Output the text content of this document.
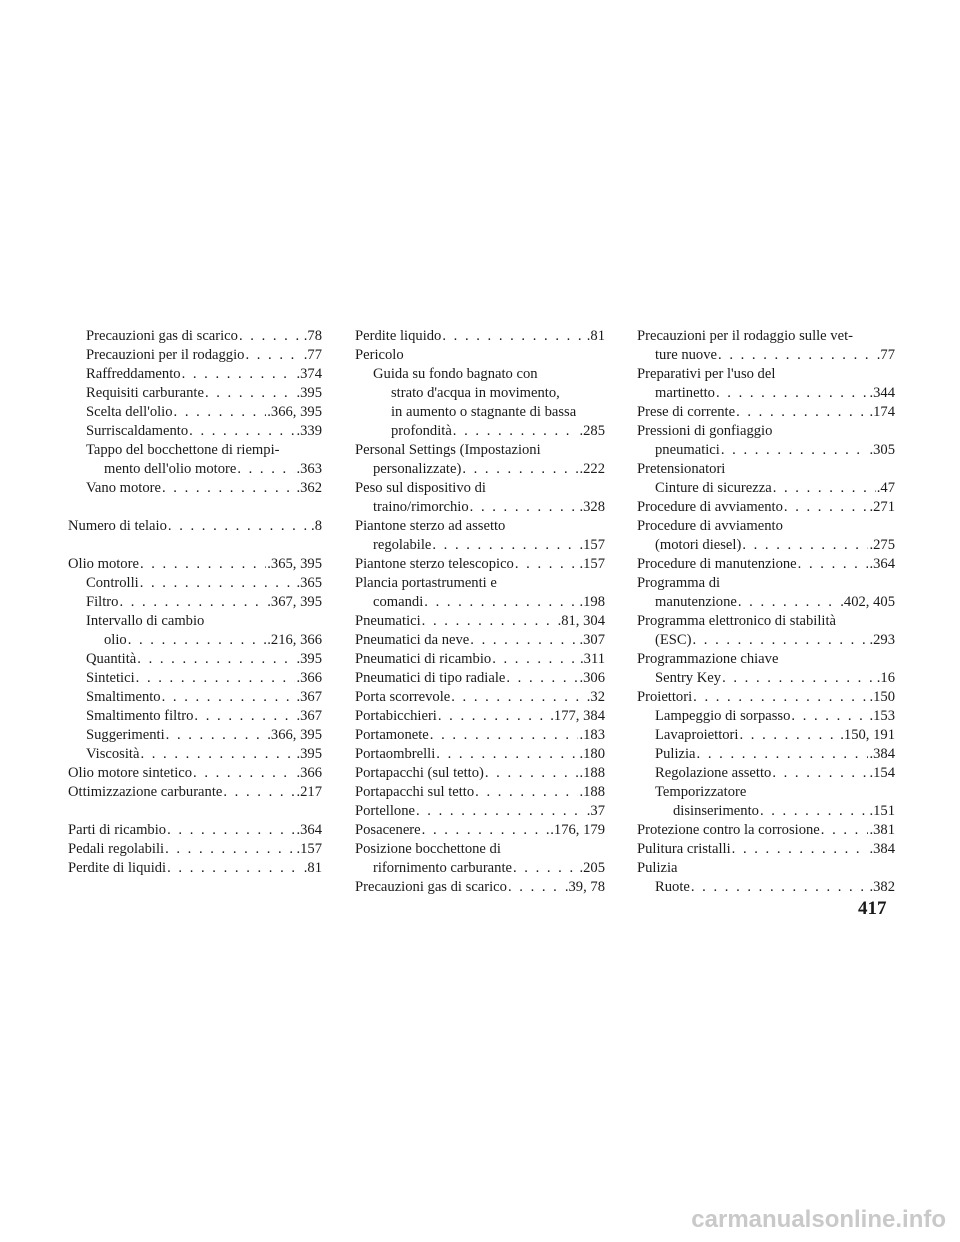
Precauzioni gas di scarico . . .	.78
Precauzioni per il rodaggio . . .	.77
Raffreddamento . . .	.374
Requisiti carburante . . .	.395
Scelta dell'olio . . .	.366, 395
Surriscaldamento . . .	.339
Tappo del bocchettone di riempi-
mento dell'olio motore . . .	.363
Vano motore . . .	.362
Numero di telaio . . .	.8
Olio motore . . .	.365, 395
Controlli . . .	.365
Filtro . . .	.367, 395
Intervallo di cambio
olio . . .	.216, 366
Quantità . . .	.395
Sintetici . . .	.366
Smaltimento . . .	.367
Smaltimento filtro . . .	.367
Suggerimenti . . .	.366, 395
Viscosità . . .	.395
Olio motore sintetico . . .	.366
Ottimizzazione carburante . . .	.217
Parti di ricambio . . .	.364
Pedali regolabili . . .	.157
Perdite di liquidi . . .	.81
Perdite liquido . . .	.81
Pericolo
Guida su fondo bagnato con
strato d'acqua in movimento,
in aumento o stagnante di bassa
profondità . . .	.285
Personal Settings (Impostazioni
personalizzate) . . .	.222
Peso sul dispositivo di
traino/rimorchio . . .	.328
Piantone sterzo ad assetto
regolabile . . .	.157
Piantone sterzo telescopico . . .	.157
Plancia portastrumenti e
comandi . . .	.198
Pneumatici . . .	.81, 304
Pneumatici da neve . . .	.307
Pneumatici di ricambio . . .	.311
Pneumatici di tipo radiale . . .	.306
Porta scorrevole . . .	.32
Portabicchieri . . .	.177, 384
Portamonete . . .	.183
Portaombrelli . . .	.180
Portapacchi (sul tetto) . . .	.188
Portapacchi sul tetto . . .	.188
Portellone . . .	.37
Posacenere . . .	.176, 179
Posizione bocchettone di
rifornimento carburante . . .	.205
Precauzioni gas di scarico . . .	.39, 78
Precauzioni per il rodaggio sulle vet-
ture nuove . . .	.77
Preparativi per l'uso del
martinetto . . .	.344
Prese di corrente . . .	.174
Pressioni di gonfiaggio
pneumatici . . .	.305
Pretensionatori
Cinture di sicurezza . . .	.47
Procedure di avviamento . . .	.271
Procedure di avviamento
(motori diesel) . . .	.275
Procedure di manutenzione . . .	.364
Programma di
manutenzione . . .	.402, 405
Programma elettronico di stabilità
(ESC) . . .	.293
Programmazione chiave
Sentry Key . . .	.16
Proiettori . . .	.150
Lampeggio di sorpasso . . .	.153
Lavaproiettori . . .	.150, 191
Pulizia . . .	.384
Regolazione assetto . . .	.154
Temporizzatore
disinserimento . . .	.151
Protezione contro la corrosione . . .	.381
Pulitura cristalli . . .	.384
Pulizia
Ruote . . .	.382
417
carmanualsonline.info
